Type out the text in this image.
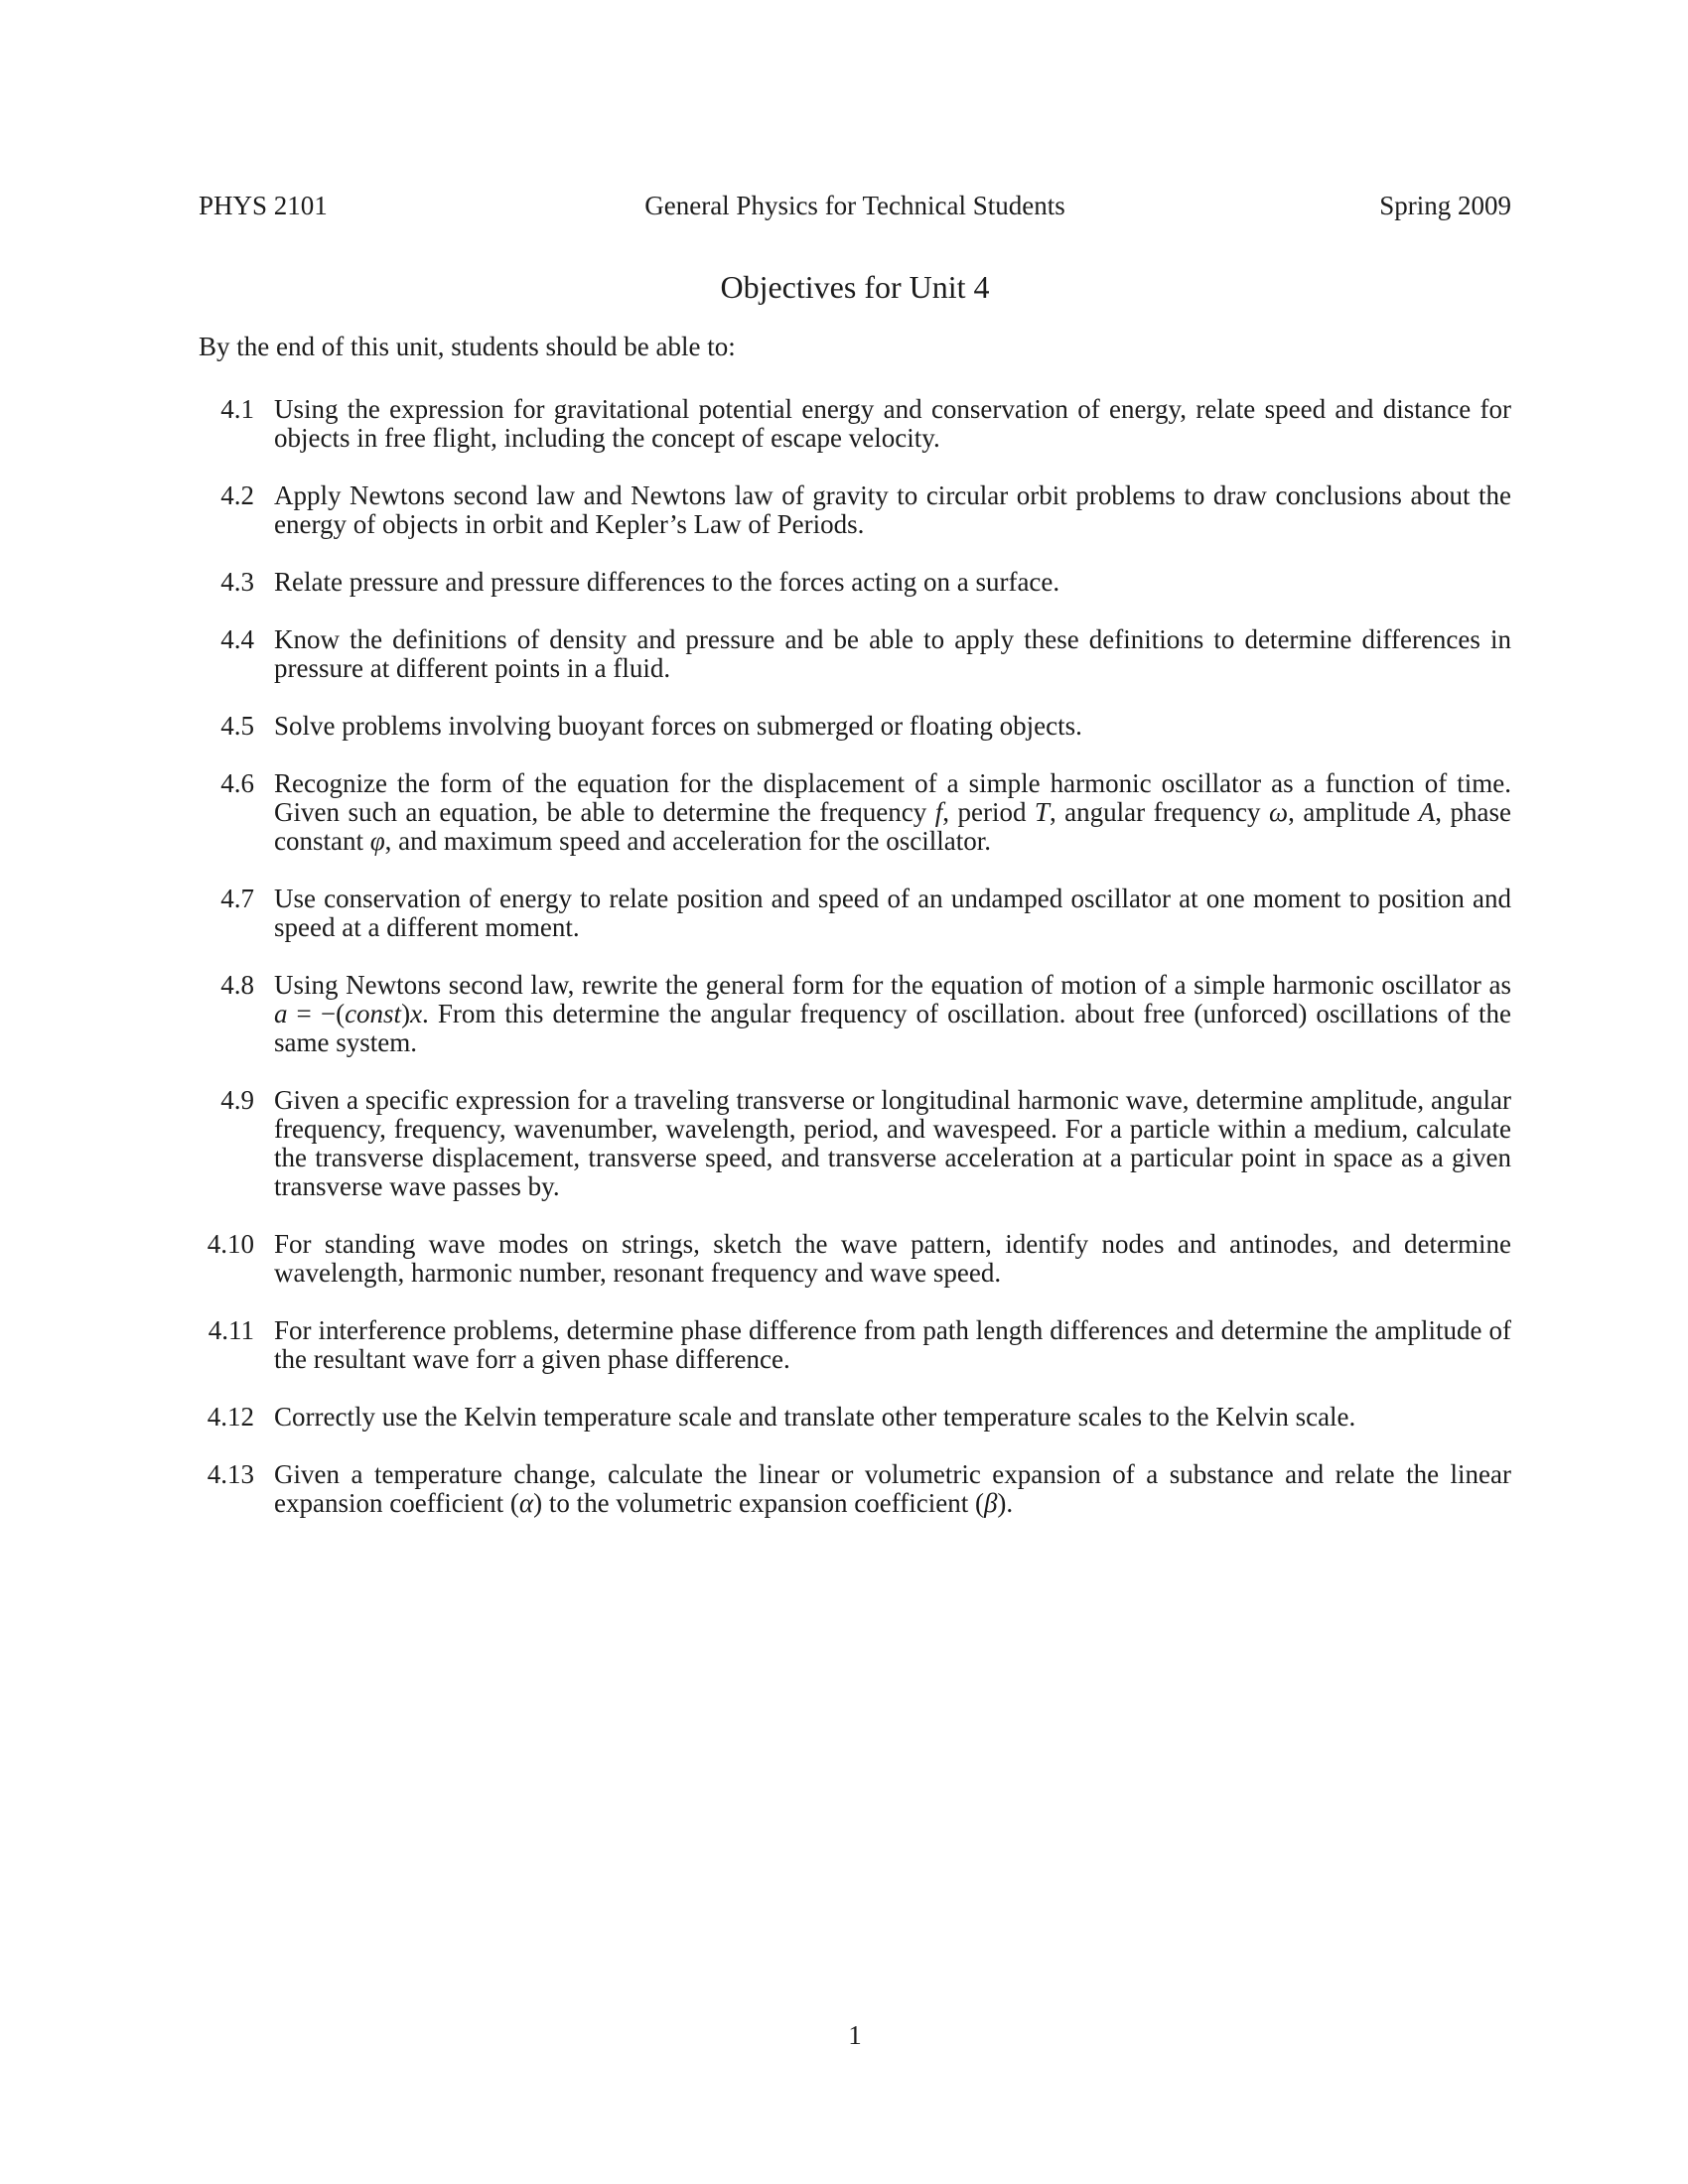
PHYS 2101	General Physics for Technical Students	Spring 2009
Objectives for Unit 4

By the end of this unit, students should be able to:

4.1 Using the expression for gravitational potential energy and conservation of energy, relate speed and distance for objects in free flight, including the concept of escape velocity.
4.2 Apply Newtons second law and Newtons law of gravity to circular orbit problems to draw conclusions about the energy of objects in orbit and Kepler’s Law of Periods.
4.3 Relate pressure and pressure differences to the forces acting on a surface.
4.4 Know the definitions of density and pressure and be able to apply these definitions to determine differences in pressure at different points in a fluid.
4.5 Solve problems involving buoyant forces on submerged or floating objects.
4.6 Recognize the form of the equation for the displacement of a simple harmonic oscillator as a function of time. Given such an equation, be able to determine the frequency f, period T, angular frequency ω, amplitude A, phase constant φ, and maximum speed and acceleration for the oscillator.
4.7 Use conservation of energy to relate position and speed of an undamped oscillator at one moment to position and speed at a different moment.
4.8 Using Newtons second law, rewrite the general form for the equation of motion of a simple harmonic oscillator as a = −(const)x. From this determine the angular frequency of oscillation. about free (unforced) oscillations of the same system.
4.9 Given a specific expression for a traveling transverse or longitudinal harmonic wave, determine amplitude, angular frequency, frequency, wavenumber, wavelength, period, and wavespeed. For a particle within a medium, calculate the transverse displacement, transverse speed, and transverse acceleration at a particular point in space as a given transverse wave passes by.
4.10 For standing wave modes on strings, sketch the wave pattern, identify nodes and antinodes, and determine wavelength, harmonic number, resonant frequency and wave speed.
4.11 For interference problems, determine phase difference from path length differences and determine the amplitude of the resultant wave forr a given phase difference.
4.12 Correctly use the Kelvin temperature scale and translate other temperature scales to the Kelvin scale.
4.13 Given a temperature change, calculate the linear or volumetric expansion of a substance and relate the linear expansion coefficient (α) to the volumetric expansion coefficient (β).
1
